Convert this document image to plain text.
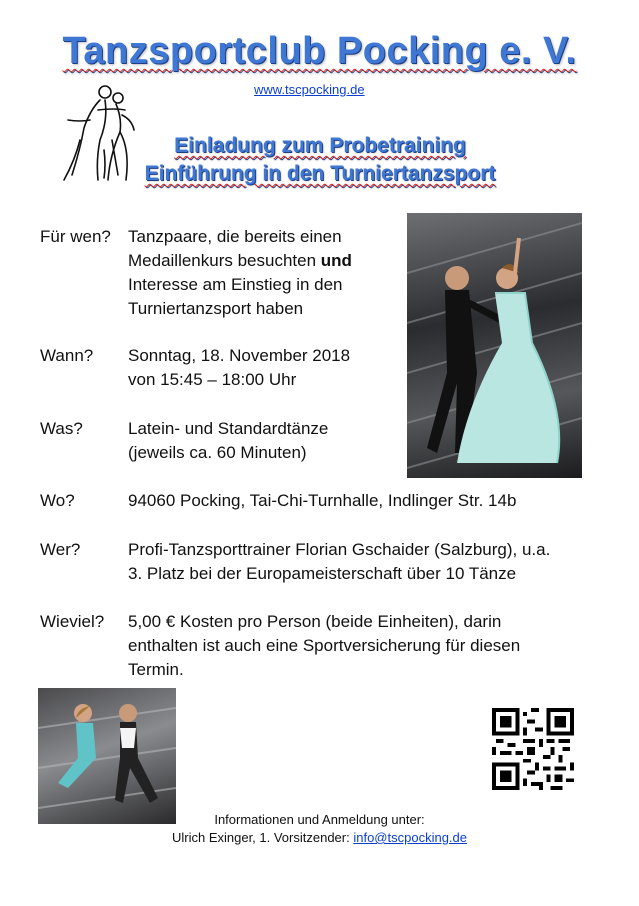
Tanzsportclub Pocking e. V.
www.tscpocking.de
Einladung zum Probetraining
Einführung in den Turniertanzsport
Für wen?	Tanzpaare, die bereits einen
Medaillenkurs besuchten und
Interesse am Einstieg in den
Turniertanzsport haben
Wann?	Sonntag, 18. November 2018
von 15:45 – 18:00 Uhr
Was?	Latein- und Standardtänze
(jeweils ca. 60 Minuten)
Wo?	94060 Pocking, Tai-Chi-Turnhalle, Indlinger Str. 14b
Wer?	Profi-Tanzsporttrainer Florian Gschaider (Salzburg), u.a.
3. Platz bei der Europameisterschaft über 10 Tänze
Wieviel?	5,00 € Kosten pro Person (beide Einheiten), darin
enthalten ist auch eine Sportversicherung für diesen
Termin.
Informationen und Anmeldung unter:
Ulrich Exinger, 1. Vorsitzender: info@tscpocking.de
